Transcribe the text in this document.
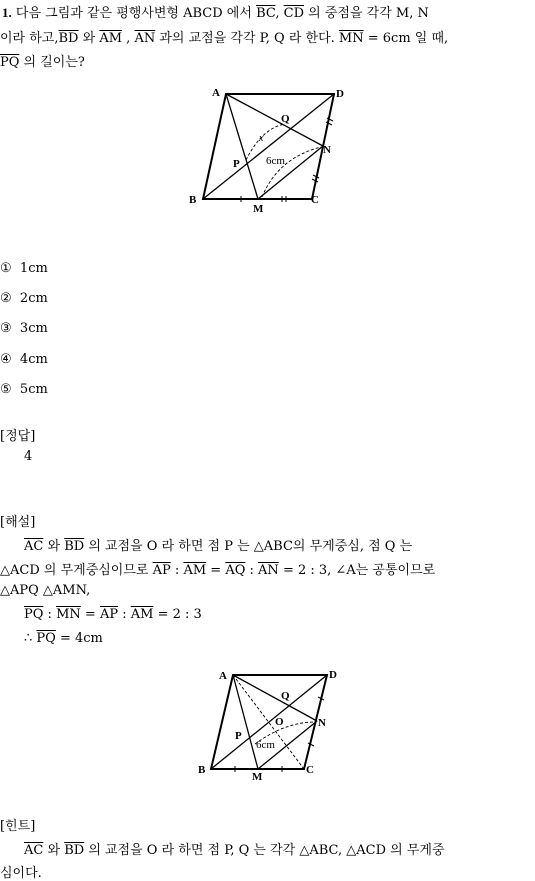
1. 다음 그림과 같은 평행사변형 ABCD 에서 $\overline{BC}$, $\overline{CD}$ 의 중점을 각각 M, N
이라 하고$,\overline{BD}$ 와 $\overline{AM}$ , $\overline{AN}$ 과의 교점을 각각 P, Q 라 한다. $\overline{MN} = 6cm$ 일 때,
$\overline{PQ}$ 의 길이는?
A	D
B	C
M
N
P
Q
x
6cm
A	D
B	C
M
N
P
Q
O
6cm
① 1cm
② 2cm
③ 3cm
④ 4cm
⑤ 5cm
[정답]
4
[해설]
$\overline{AC}$ 와 $\overline{BD}$ 의 교점을 O 라 하면 점 P 는 △ABC의 무게중심, 점 Q 는
△ACD 의 무게중심이므로 $\overline{AP}$ : $\overline{AM} = \overline{AQ}$ : $\overline{AN} = 2$ : 3, ∠A는 공통이므로
△APQ △AMN,
$\overline{PQ}$ : $\overline{MN} = \overline{AP}$ : $\overline{AM} = 2$ : 3
∴ $\overline{PQ} = 4cm$
[힌트]
$\overline{AC}$ 와 $\overline{BD}$ 의 교점을 O 라 하면 점 P, Q 는 각각 △ABC, △ACD 의 무게중
심이다.
